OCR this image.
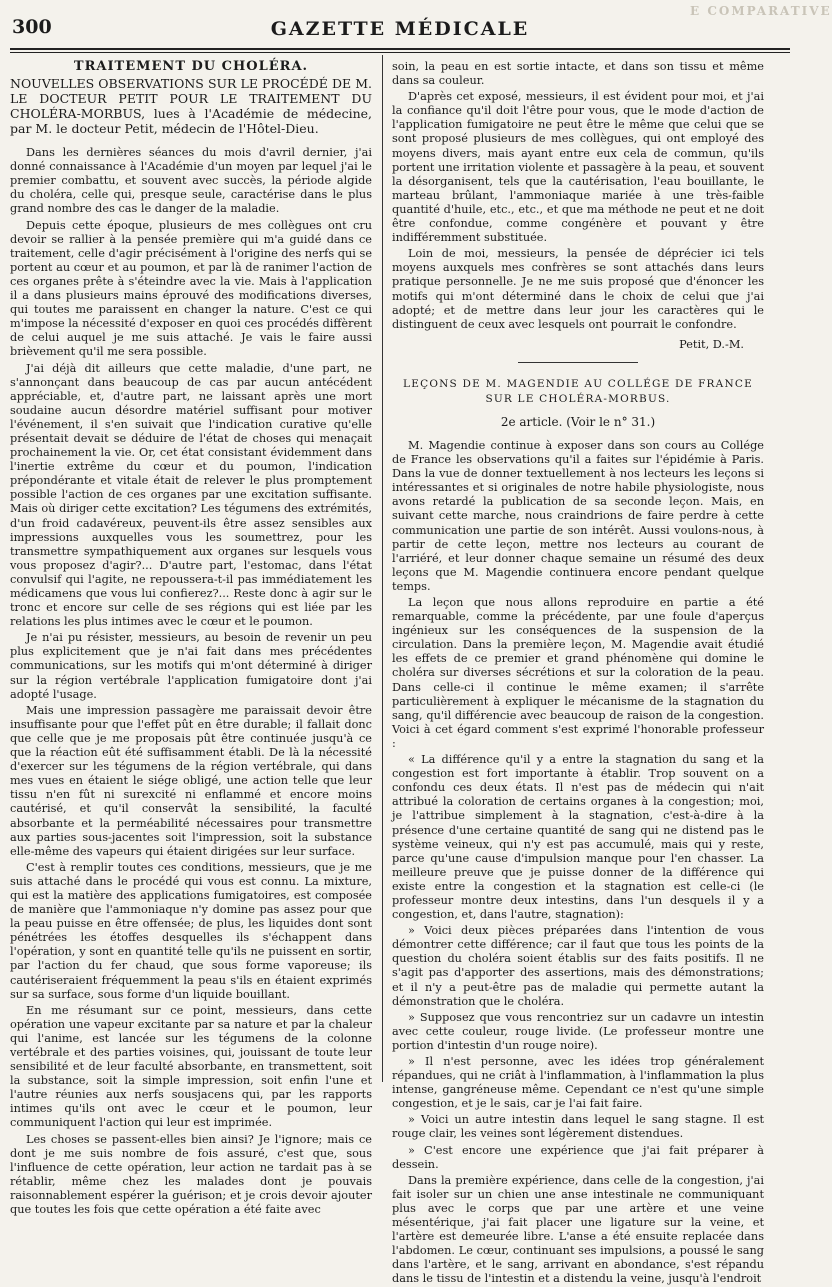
300	GAZETTE MÉDICALE
E COMPARATIVE

TRAITEMENT DU CHOLÉRA.

NOUVELLES OBSERVATIONS SUR LE PROCÉDÉ DE M. LE DOCTEUR PETIT POUR LE TRAITEMENT DU CHOLÉRA-MORBUS, lues à l'Académie de médecine, par M. le docteur Petit, médecin de l'Hôtel-Dieu.

Dans les dernières séances du mois d'avril dernier, j'ai donné connaissance à l'Académie d'un moyen par lequel j'ai le premier combattu, et souvent avec succès, la période algide du choléra, celle qui, presque seule, caractérise dans le plus grand nombre des cas le danger de la maladie.

Depuis cette époque, plusieurs de mes collègues ont cru devoir se rallier à la pensée première qui m'a guidé dans ce traitement, celle d'agir précisément à l'origine des nerfs qui se portent au cœur et au poumon, et par là de ranimer l'action de ces organes prête à s'éteindre avec la vie. Mais à l'application il a dans plusieurs mains éprouvé des modifications diverses, qui toutes me paraissent en changer la nature. C'est ce qui m'impose la nécessité d'exposer en quoi ces procédés diffèrent de celui auquel je me suis attaché. Je vais le faire aussi brièvement qu'il me sera possible.

J'ai déjà dit ailleurs que cette maladie, d'une part, ne s'annonçant dans beaucoup de cas par aucun antécédent appréciable, et, d'autre part, ne laissant après une mort soudaine aucun désordre matériel suffisant pour motiver l'événement, il s'en suivait que l'indication curative qu'elle présentait devait se déduire de l'état de choses qui menaçait prochainement la vie. Or, cet état consistant évidemment dans l'inertie extrême du cœur et du poumon, l'indication prépondérante et vitale était de relever le plus promptement possible l'action de ces organes par une excitation suffisante. Mais où diriger cette excitation? Les tégumens des extrémités, d'un froid cadavéreux, peuvent-ils être assez sensibles aux impressions auxquelles vous les soumettrez, pour les transmettre sympathiquement aux organes sur lesquels vous vous proposez d'agir?... D'autre part, l'estomac, dans l'état convulsif qui l'agite, ne repoussera-t-il pas immédiatement les médicamens que vous lui confierez?... Reste donc à agir sur le tronc et encore sur celle de ses régions qui est liée par les relations les plus intimes avec le cœur et le poumon.

Je n'ai pu résister, messieurs, au besoin de revenir un peu plus explicitement que je n'ai fait dans mes précédentes communications, sur les motifs qui m'ont déterminé à diriger sur la région vertébrale l'application fumigatoire dont j'ai adopté l'usage.

Mais une impression passagère me paraissait devoir être insuffisante pour que l'effet pût en être durable; il fallait donc que celle que je me proposais pût être continuée jusqu'à ce que la réaction eût été suffisamment établi. De là la nécessité d'exercer sur les tégumens de la région vertébrale, qui dans mes vues en étaient le siége obligé, une action telle que leur tissu n'en fût ni surexcité ni enflammé et encore moins cautérisé, et qu'il conservât la sensibilité, la faculté absorbante et la perméabilité nécessaires pour transmettre aux parties sous-jacentes soit l'impression, soit la substance elle-même des vapeurs qui étaient dirigées sur leur surface.

C'est à remplir toutes ces conditions, messieurs, que je me suis attaché dans le procédé qui vous est connu. La mixture, qui est la matière des applications fumigatoires, est composée de manière que l'ammoniaque n'y domine pas assez pour que la peau puisse en être offensée; de plus, les liquides dont sont pénétrées les étoffes desquelles ils s'échappent dans l'opération, y sont en quantité telle qu'ils ne puissent en sortir, par l'action du fer chaud, que sous forme vaporeuse; ils cautériseraient fréquemment la peau s'ils en étaient exprimés sur sa surface, sous forme d'un liquide bouillant.

En me résumant sur ce point, messieurs, dans cette opération une vapeur excitante par sa nature et par la chaleur qui l'anime, est lancée sur les tégumens de la colonne vertébrale et des parties voisines, qui, jouissant de toute leur sensibilité et de leur faculté absorbante, en transmettent, soit la substance, soit la simple impression, soit enfin l'une et l'autre réunies aux nerfs sousjacens qui, par les rapports intimes qu'ils ont avec le cœur et le poumon, leur communiquent l'action qui leur est imprimée.

Les choses se passent-elles bien ainsi? Je l'ignore; mais ce dont je me suis nombre de fois assuré, c'est que, sous l'influence de cette opération, leur action ne tardait pas à se rétablir, même chez les malades dont je pouvais raisonnablement espérer la guérison; et je crois devoir ajouter que toutes les fois que cette opération a été faite avec

soin, la peau en est sortie intacte, et dans son tissu et même dans sa couleur.

D'après cet exposé, messieurs, il est évident pour moi, et j'ai la confiance qu'il doit l'être pour vous, que le mode d'action de l'application fumigatoire ne peut être le même que celui que se sont proposé plusieurs de mes collègues, qui ont employé des moyens divers, mais ayant entre eux cela de commun, qu'ils portent une irritation violente et passagère à la peau, et souvent la désorganisent, tels que la cautérisation, l'eau bouillante, le marteau brûlant, l'ammoniaque mariée à une très-faible quantité d'huile, etc., etc., et que ma méthode ne peut et ne doit être confondue, comme congénère et pouvant y être indifféremment substituée.

Loin de moi, messieurs, la pensée de déprécier ici tels moyens auxquels mes confrères se sont attachés dans leurs pratique personnelle. Je ne me suis proposé que d'énoncer les motifs qui m'ont déterminé dans le choix de celui que j'ai adopté; et de mettre dans leur jour les caractères qui le distinguent de ceux avec lesquels ont pourrait le confondre.

Petit, D.-M.

LEÇONS DE M. MAGENDIE AU COLLÉGE DE FRANCE SUR LE CHOLÉRA-MORBUS.

2e article. (Voir le n° 31.)

M. Magendie continue à exposer dans son cours au Collége de France les observations qu'il a faites sur l'épidémie à Paris. Dans la vue de donner textuellement à nos lecteurs les leçons si intéressantes et si originales de notre habile physiologiste, nous avons retardé la publication de sa seconde leçon. Mais, en suivant cette marche, nous craindrions de faire perdre à cette communication une partie de son intérêt. Aussi voulons-nous, à partir de cette leçon, mettre nos lecteurs au courant de l'arriéré, et leur donner chaque semaine un résumé des deux leçons que M. Magendie continuera encore pendant quelque temps.

La leçon que nous allons reproduire en partie a été remarquable, comme la précédente, par une foule d'aperçus ingénieux sur les conséquences de la suspension de la circulation. Dans la première leçon, M. Magendie avait étudié les effets de ce premier et grand phénomène qui domine le choléra sur diverses sécrétions et sur la coloration de la peau. Dans celle-ci il continue le même examen; il s'arrête particulièrement à expliquer le mécanisme de la stagnation du sang, qu'il différencie avec beaucoup de raison de la congestion. Voici à cet égard comment s'est exprimé l'honorable professeur :

« La différence qu'il y a entre la stagnation du sang et la congestion est fort importante à établir. Trop souvent on a confondu ces deux états. Il n'est pas de médecin qui n'ait attribué la coloration de certains organes à la congestion; moi, je l'attribue simplement à la stagnation, c'est-à-dire à la présence d'une certaine quantité de sang qui ne distend pas le système veineux, qui n'y est pas accumulé, mais qui y reste, parce qu'une cause d'impulsion manque pour l'en chasser. La meilleure preuve que je puisse donner de la différence qui existe entre la congestion et la stagnation est celle-ci (le professeur montre deux intestins, dans l'un desquels il y a congestion, et, dans l'autre, stagnation):

» Voici deux pièces préparées dans l'intention de vous démontrer cette différence; car il faut que tous les points de la question du choléra soient établis sur des faits positifs. Il ne s'agit pas d'apporter des assertions, mais des démonstrations; et il n'y a peut-être pas de maladie qui permette autant la démonstration que le choléra.

» Supposez que vous rencontriez sur un cadavre un intestin avec cette couleur, rouge livide. (Le professeur montre une portion d'intestin d'un rouge noire).

» Il n'est personne, avec les idées trop généralement répandues, qui ne criât à l'inflammation, à l'inflammation la plus intense, gangréneuse même. Cependant ce n'est qu'une simple congestion, et je le sais, car je l'ai fait faire.

» Voici un autre intestin dans lequel le sang stagne. Il est rouge clair, les veines sont légèrement distendues.

» C'est encore une expérience que j'ai fait préparer à dessein.

Dans la première expérience, dans celle de la congestion, j'ai fait isoler sur un chien une anse intestinale ne communiquant plus avec le corps que par une artère et une veine mésentérique, j'ai fait placer une ligature sur la veine, et l'artère est demeurée libre. L'anse a été ensuite replacée dans l'abdomen. Le cœur, continuant ses impulsions, a poussé le sang dans l'artère, et le sang, arrivant en abondance, s'est répandu dans le tissu de l'intestin et a distendu la veine, jusqu'à l'endroit
